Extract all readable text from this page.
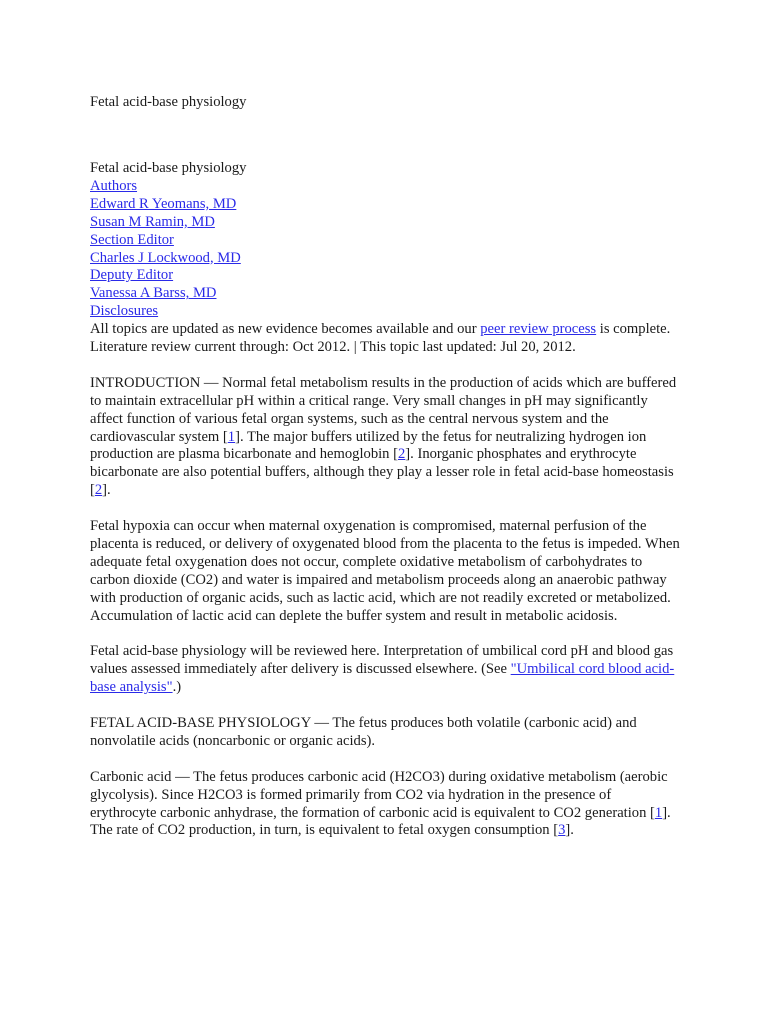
Fetal acid-base physiology
Fetal acid-base physiology
Authors
Edward R Yeomans, MD
Susan M Ramin, MD
Section Editor
Charles J Lockwood, MD
Deputy Editor
Vanessa A Barss, MD
Disclosures
All topics are updated as new evidence becomes available and our peer review process is complete.

Literature review current through: Oct 2012. | This topic last updated: Jul 20, 2012.

INTRODUCTION — Normal fetal metabolism results in the production of acids which are buffered to maintain extracellular pH within a critical range. Very small changes in pH may significantly affect function of various fetal organ systems, such as the central nervous system and the cardiovascular system [1]. The major buffers utilized by the fetus for neutralizing hydrogen ion production are plasma bicarbonate and hemoglobin [2]. Inorganic phosphates and erythrocyte bicarbonate are also potential buffers, although they play a lesser role in fetal acid-base homeostasis [2].

Fetal hypoxia can occur when maternal oxygenation is compromised, maternal perfusion of the placenta is reduced, or delivery of oxygenated blood from the placenta to the fetus is impeded. When adequate fetal oxygenation does not occur, complete oxidative metabolism of carbohydrates to carbon dioxide (CO2) and water is impaired and metabolism proceeds along an anaerobic pathway with production of organic acids, such as lactic acid, which are not readily excreted or metabolized. Accumulation of lactic acid can deplete the buffer system and result in metabolic acidosis.

Fetal acid-base physiology will be reviewed here. Interpretation of umbilical cord pH and blood gas values assessed immediately after delivery is discussed elsewhere. (See "Umbilical cord blood acid-base analysis".)

FETAL ACID-BASE PHYSIOLOGY — The fetus produces both volatile (carbonic acid) and nonvolatile acids (noncarbonic or organic acids).

Carbonic acid — The fetus produces carbonic acid (H2CO3) during oxidative metabolism (aerobic glycolysis). Since H2CO3 is formed primarily from CO2 via hydration in the presence of erythrocyte carbonic anhydrase, the formation of carbonic acid is equivalent to CO2 generation [1]. The rate of CO2 production, in turn, is equivalent to fetal oxygen consumption [3].
